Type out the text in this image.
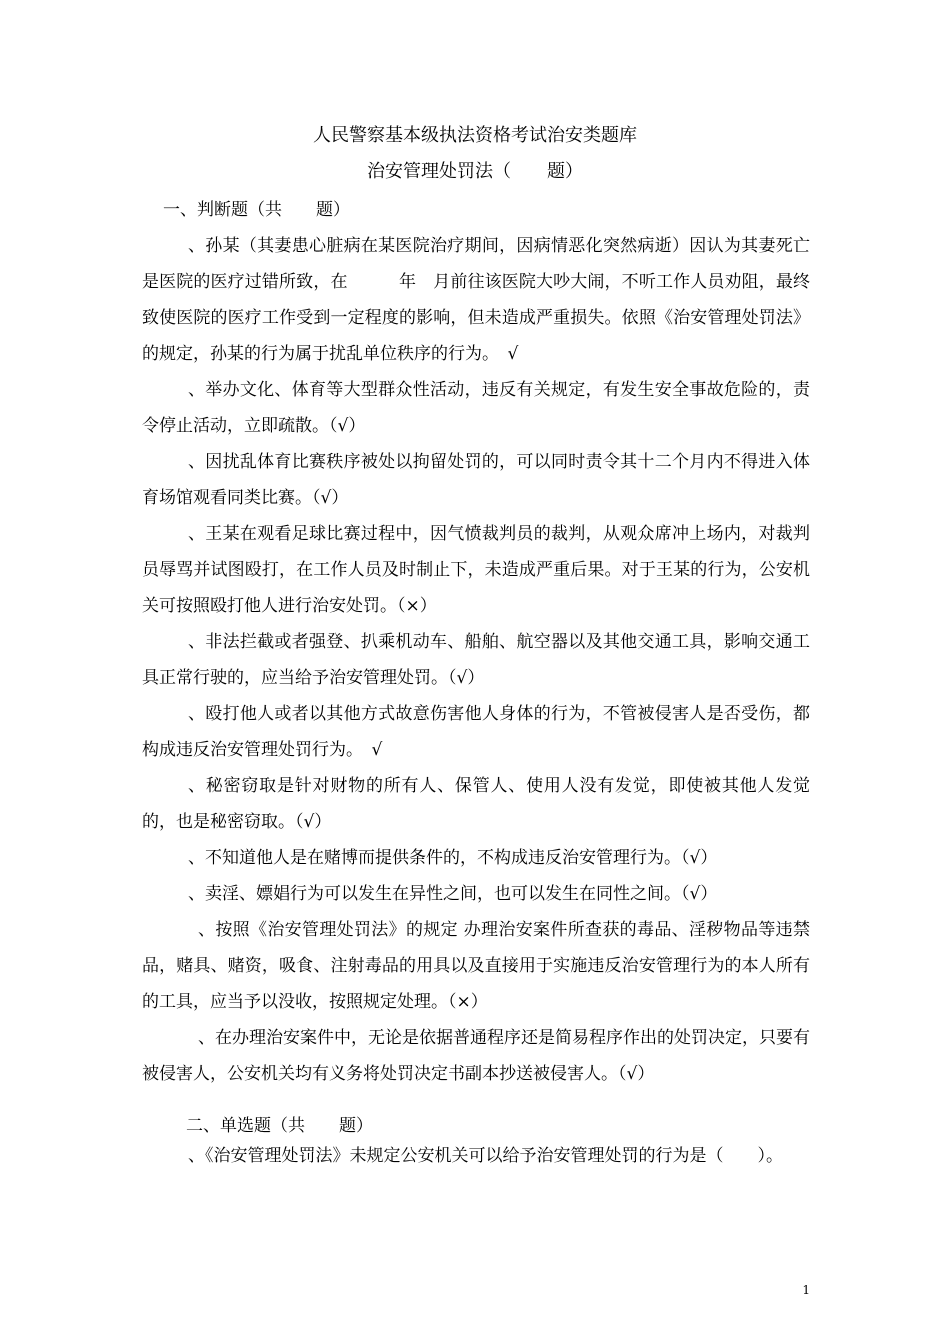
人民警察基本级执法资格考试治安类题库
治安管理处罚法（　　题）
一、判断题（共　　题）

、孙某（其妻患心脏病在某医院治疗期间，因病情恶化突然病逝）因认为其妻死亡是医院的医疗过错所致，在　　　年　月前往该医院大吵大闹，不听工作人员劝阻，最终致使医院的医疗工作受到一定程度的影响，但未造成严重损失。依照《治安管理处罚法》的规定，孙某的行为属于扰乱单位秩序的行为。　√

、举办文化、体育等大型群众性活动，违反有关规定，有发生安全事故危险的，责令停止活动，立即疏散。（√）

、因扰乱体育比赛秩序被处以拘留处罚的，可以同时责令其十二个月内不得进入体育场馆观看同类比赛。（√）

、王某在观看足球比赛过程中，因气愤裁判员的裁判，从观众席冲上场内，对裁判员辱骂并试图殴打，在工作人员及时制止下，未造成严重后果。对于王某的行为，公安机关可按照殴打他人进行治安处罚。（×）

、非法拦截或者强登、扒乘机动车、船舶、航空器以及其他交通工具，影响交通工具正常行驶的，应当给予治安管理处罚。（√）

、殴打他人或者以其他方式故意伤害他人身体的行为，不管被侵害人是否受伤，都构成违反治安管理处罚行为。　√

、秘密窃取是针对财物的所有人、保管人、使用人没有发觉，即使被其他人发觉的，也是秘密窃取。（√）

、不知道他人是在赌博而提供条件的，不构成违反治安管理行为。（√）

、卖淫、嫖娼行为可以发生在异性之间，也可以发生在同性之间。（√）

、按照《治安管理处罚法》的规定 办理治安案件所查获的毒品、淫秽物品等违禁品，赌具、赌资，吸食、注射毒品的用具以及直接用于实施违反治安管理行为的本人所有的工具，应当予以没收，按照规定处理。（×）

、在办理治安案件中，无论是依据普通程序还是简易程序作出的处罚决定，只要有被侵害人，公安机关均有义务将处罚决定书副本抄送被侵害人。（√）

二、单选题（共　　题）

、《治安管理处罚法》未规定公安机关可以给予治安管理处罚的行为是（　　）。

1
